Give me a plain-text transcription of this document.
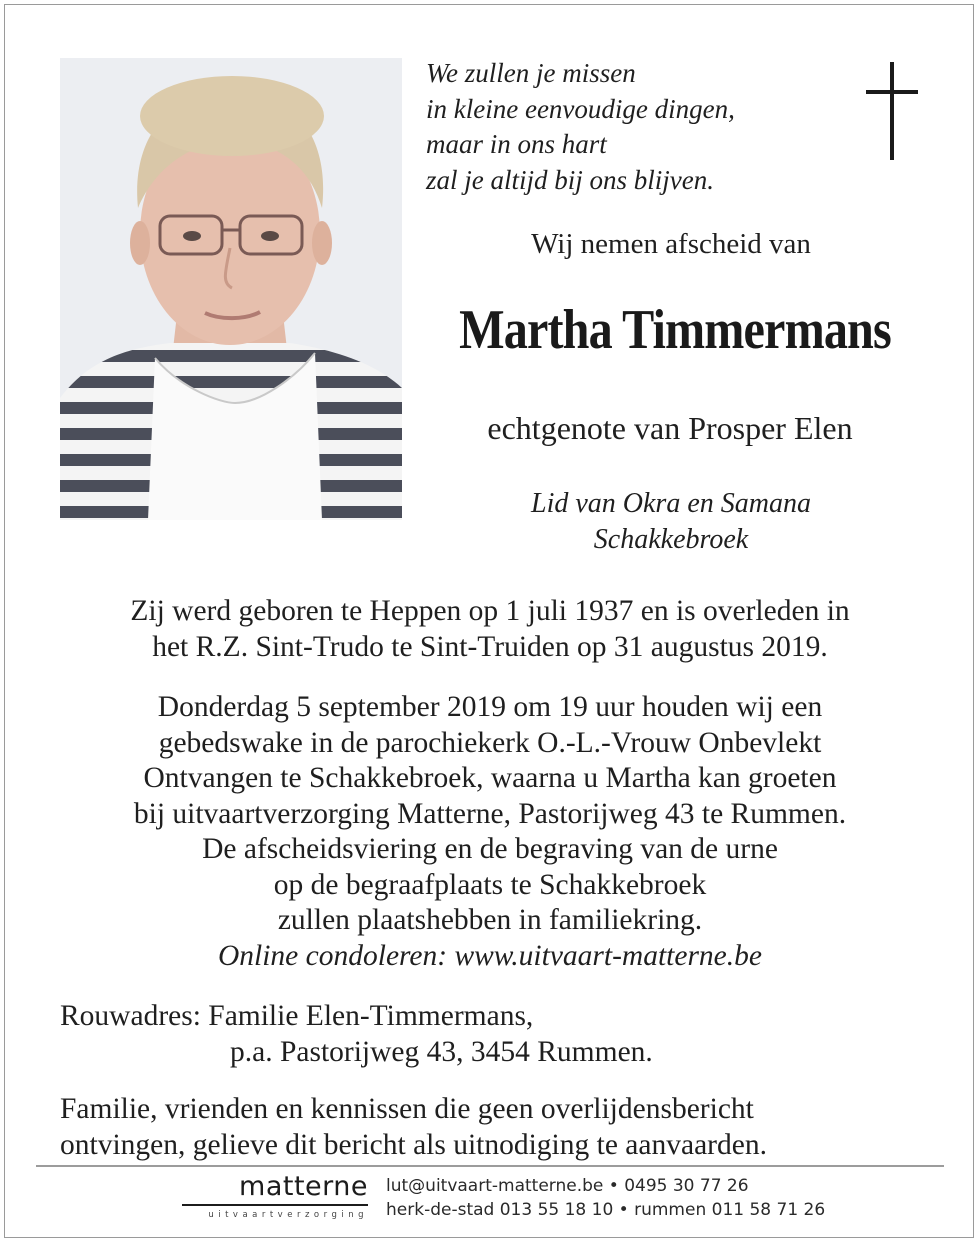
We zullen je missen
in kleine eenvoudige dingen,
maar in ons hart
zal je altijd bij ons blijven.
Wij nemen afscheid van
Martha Timmermans
echtgenote van Prosper Elen
Lid van Okra en Samana
Schakkebroek
Zij werd geboren te Heppen op 1 juli 1937 en is overleden in
het R.Z. Sint-Trudo te Sint-Truiden op 31 augustus 2019.
Donderdag 5 september 2019 om 19 uur houden wij een
gebedswake in de parochiekerk O.-L.-Vrouw Onbevlekt
Ontvangen te Schakkebroek, waarna u Martha kan groeten
bij uitvaartverzorging Matterne, Pastorijweg 43 te Rummen.
De afscheidsviering en de begraving van de urne
op de begraafplaats te Schakkebroek
zullen plaatshebben in familiekring.
Online condoleren: www.uitvaart-matterne.be
Rouwadres: Familie Elen-Timmermans,
p.a. Pastorijweg 43, 3454 Rummen.
Familie, vrienden en kennissen die geen overlijdensbericht
ontvingen, gelieve dit bericht als uitnodiging te aanvaarden.
matterne
uitvaartverzorging
lut@uitvaart-matterne.be • 0495 30 77 26
herk-de-stad 013 55 18 10 • rummen 011 58 71 26
